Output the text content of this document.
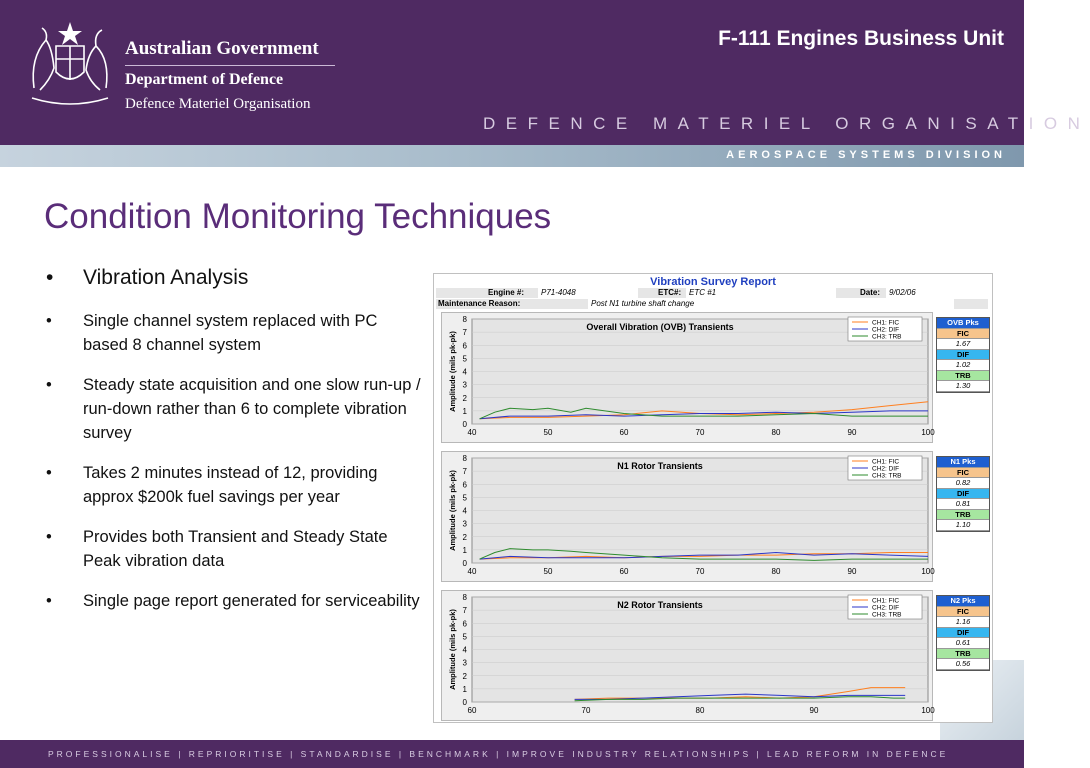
Australian Government
Department of Defence
Defence Materiel Organisation
F-111 Engines Business Unit
DEFENCE MATERIEL ORGANISATION
AEROSPACE SYSTEMS DIVISION
Condition Monitoring Techniques
• Vibration Analysis
• Single channel system replaced with PC based 8 channel system
• Steady state acquisition and one slow run-up / run-down rather than 6 to complete vibration survey
• Takes 2 minutes instead of 12, providing approx $200k fuel savings per year
• Provides both Transient and Steady State Peak vibration data
• Single page report generated for serviceability
Vibration Survey Report
Engine #:	P71-4048	ETC#: ETC #1	Date:	9/02/06
Maintenance Reason:	Post N1 turbine shaft change
0
1
2
3
4
5
6
7
8
40	50	60	70	80	90	100
Amplitude (mils pk-pk)
Overall Vibration (OVB) Transients	CH1: FIC
CH2: DIF
CH3: TRB
0
1
2
3
4
5
6
7
8
40	50	60	70	80	90	100
Amplitude (mils pk-pk)
N1 Rotor Transients	CH1: FIC
CH2: DIF
CH3: TRB
0
1
2
3
4
5
6
7
8
60	70	80	90	100
Amplitude (mils pk-pk)
N2 Rotor Transients	CH1: FIC
CH2: DIF
CH3: TRB
OVB Pks
FIC
1.67
DIF
1.02
TRB
1.30
N1 Pks
FIC
0.82
DIF
0.81
TRB
1.10
N2 Pks
FIC
1.16
DIF
0.61
TRB
0.56
PROFESSIONALISE | REPRIORITISE | STANDARDISE | BENCHMARK | IMPROVE INDUSTRY RELATIONSHIPS | LEAD REFORM IN DEFENCE
